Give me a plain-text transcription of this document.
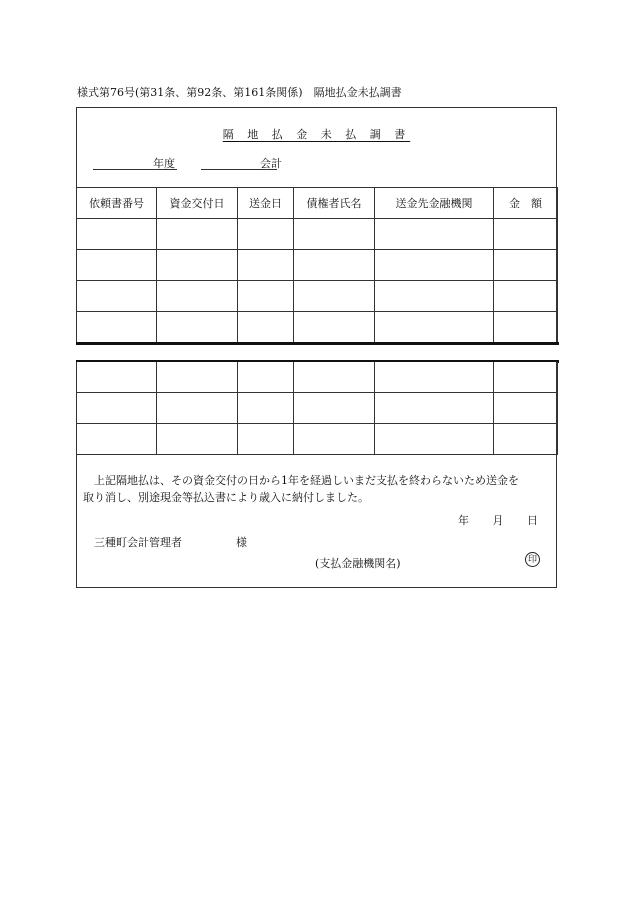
様式第76号(第31条、第92条、第161条関係)　隔地払金未払調書
隔 地 払 金 未 払 調 書
年度	会計
依頼書番号	資金交付日	送金日	債権者氏名	送金先金融機関	金　額

上記隔地払は、その資金交付の日から1年を経過しいまだ支払を終わらないため送金を
取り消し、別途現金等払込書により歳入に納付しました。
年 月 日
三種町会計管理者	様
(支払金融機関名)	印
